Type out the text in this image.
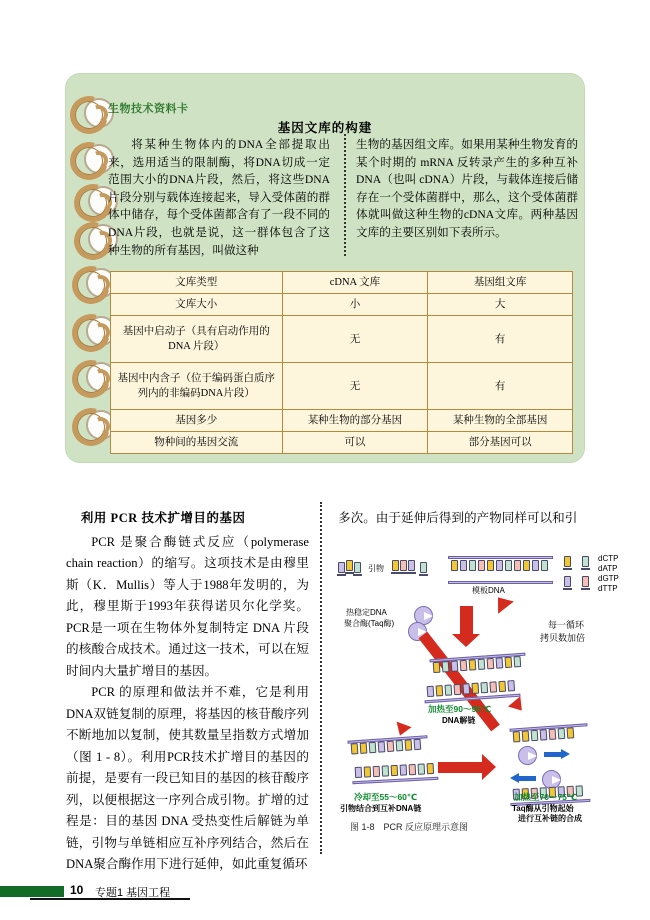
生物技术资料卡
基因文库的构建

将某种生物体内的DNA全部提取出来，选用适当的限制酶，将DNA切成一定范围大小的DNA片段，然后，将这些DNA片段分别与载体连接起来，导入受体菌的群体中储存，每个受体菌都含有了一段不同的DNA片段，也就是说，这一群体包含了这种生物的所有基因，叫做这种

生物的基因组文库。如果用某种生物发育的某个时期的 mRNA 反转录产生的多种互补DNA（也叫 cDNA）片段，与载体连接后储存在一个受体菌群中，那么，这个受体菌群体就叫做这种生物的cDNA文库。两种基因文库的主要区别如下表所示。

文库类型	cDNA 文库	基因组文库
文库大小	小	大
基因中启动子（具有启动作用的 DNA 片段）	无	有
基因中内含子（位于编码蛋白质序列内的非编码DNA片段）	无	有
基因多少	某种生物的部分基因	某种生物的全部基因
物种间的基因交流	可以	部分基因可以

利用 PCR 技术扩增目的基因

PCR 是聚合酶链式反应（polymerase chain reaction）的缩写。这项技术是由穆里斯（K．Mullis）等人于1988年发明的，为此，穆里斯于1993年获得诺贝尔化学奖。PCR是一项在生物体外复制特定 DNA 片段的核酸合成技术。通过这一技术，可以在短时间内大量扩增目的基因。

PCR 的原理和做法并不难，它是利用DNA双链复制的原理，将基因的核苷酸序列不断地加以复制，使其数量呈指数方式增加（图 1 - 8）。利用PCR技术扩增目的基因的前提，是要有一段已知目的基因的核苷酸序列，以便根据这一序列合成引物。扩增的过程是：目的基因 DNA 受热变性后解链为单链，引物与单链相应互补序列结合，然后在DNA聚合酶作用下进行延伸，如此重复循环

多次。由于延伸后得到的产物同样可以和引

引物
模板DNA
dCTP
dATP
dGTP
dTTP
热稳定DNA
聚合酶(Taq酶)	每一循环
拷贝数加倍
加热至90～95℃
DNA解链
冷却至55～60℃
引物结合到互补DNA链
加热至70～75℃
Taq酶从引物起始
进行互补链的合成
图 1-8　PCR 反应原理示意图
10 专题1 基因工程
